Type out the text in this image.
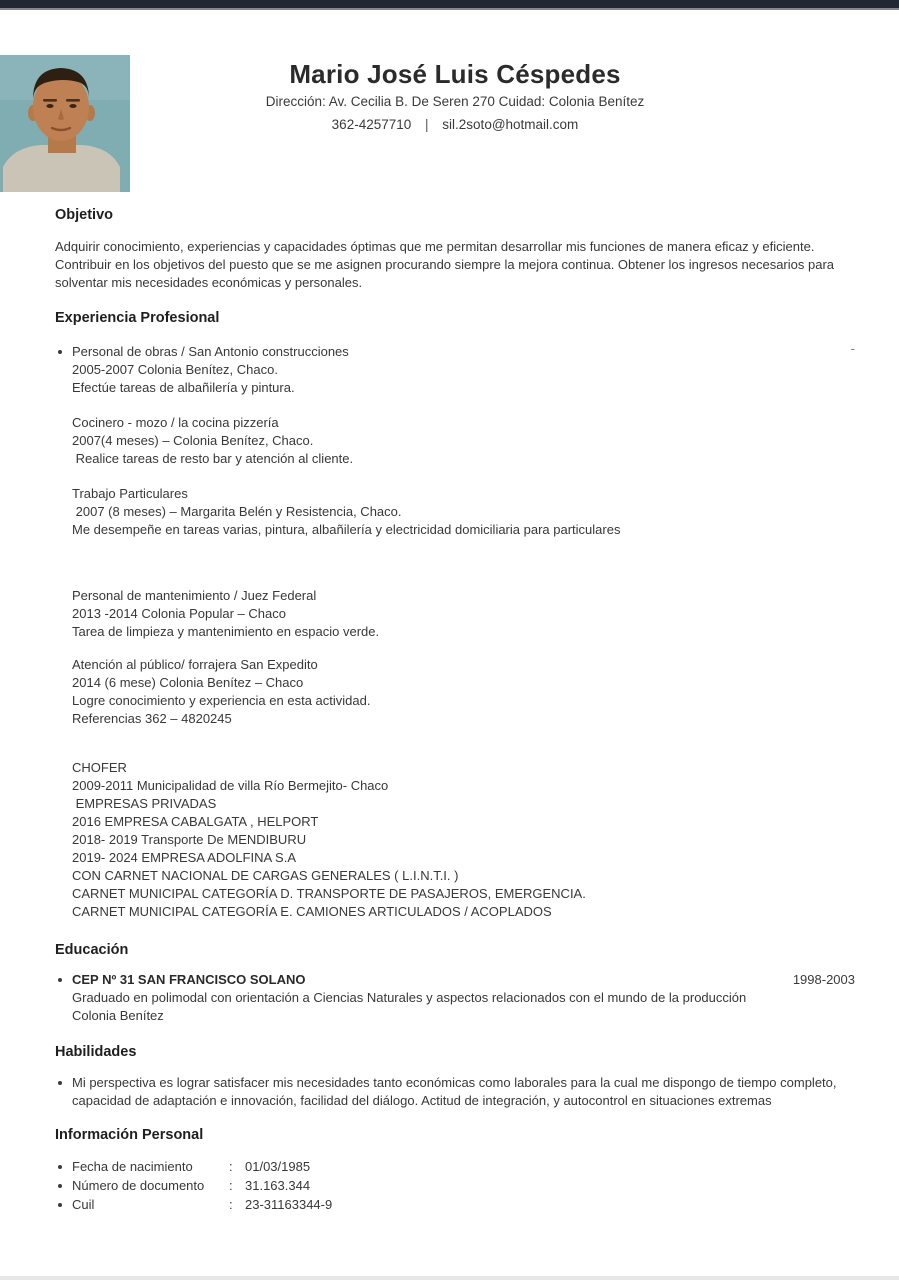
Mario José Luis Céspedes
Dirección: Av. Cecilia B. De Seren 270 Cuidad: Colonia Benítez
362-4257710 | sil.2soto@hotmail.com
Objetivo
Adquirir conocimiento, experiencias y capacidades óptimas que me permitan desarrollar mis funciones de manera eficaz y eficiente. Contribuir en los objetivos del puesto que se me asignen procurando siempre la mejora continua. Obtener los ingresos necesarios para solventar mis necesidades económicas y personales.
Experiencia Profesional
-
Personal de obras / San Antonio construcciones
2005-2007 Colonia Benítez, Chaco.
Efectúe tareas de albañilería y pintura.
Cocinero - mozo / la cocina pizzería
2007(4 meses) – Colonia Benítez, Chaco.
Realice tareas de resto bar y atención al cliente.
Trabajo Particulares
2007 (8 meses) – Margarita Belén y Resistencia, Chaco.
Me desempeñe en tareas varias, pintura, albañilería y electricidad domiciliaria para particulares
Personal de mantenimiento / Juez Federal
2013 -2014 Colonia Popular – Chaco
Tarea de limpieza y mantenimiento en espacio verde.
Atención al público/ forrajera San Expedito
2014 (6 mese) Colonia Benítez – Chaco
Logre conocimiento y experiencia en esta actividad.
Referencias 362 – 4820245
CHOFER
2009-2011 Municipalidad de villa Río Bermejito- Chaco
EMPRESAS PRIVADAS
2016 EMPRESA CABALGATA , HELPORT
2018- 2019 Transporte De MENDIBURU
2019- 2024 EMPRESA ADOLFINA S.A
CON CARNET NACIONAL DE CARGAS GENERALES ( L.I.N.T.I. )
CARNET MUNICIPAL CATEGORÍA D. TRANSPORTE DE PASAJEROS, EMERGENCIA.
CARNET MUNICIPAL CATEGORÍA E. CAMIONES ARTICULADOS / ACOPLADOS
Educación
CEP Nº 31 SAN FRANCISCO SOLANO	1998-2003
Graduado en polimodal con orientación a Ciencias Naturales y aspectos relacionados con el mundo de la producción
Colonia Benítez
Habilidades
Mi perspectiva es lograr satisfacer mis necesidades tanto económicas como laborales para la cual me dispongo de tiempo completo, capacidad de adaptación e innovación, facilidad del diálogo. Actitud de integración, y autocontrol en situaciones extremas
Información Personal
Fecha de nacimiento	: 01/03/1985
Número de documento	: 31.163.344
Cuil	: 23-31163344-9
